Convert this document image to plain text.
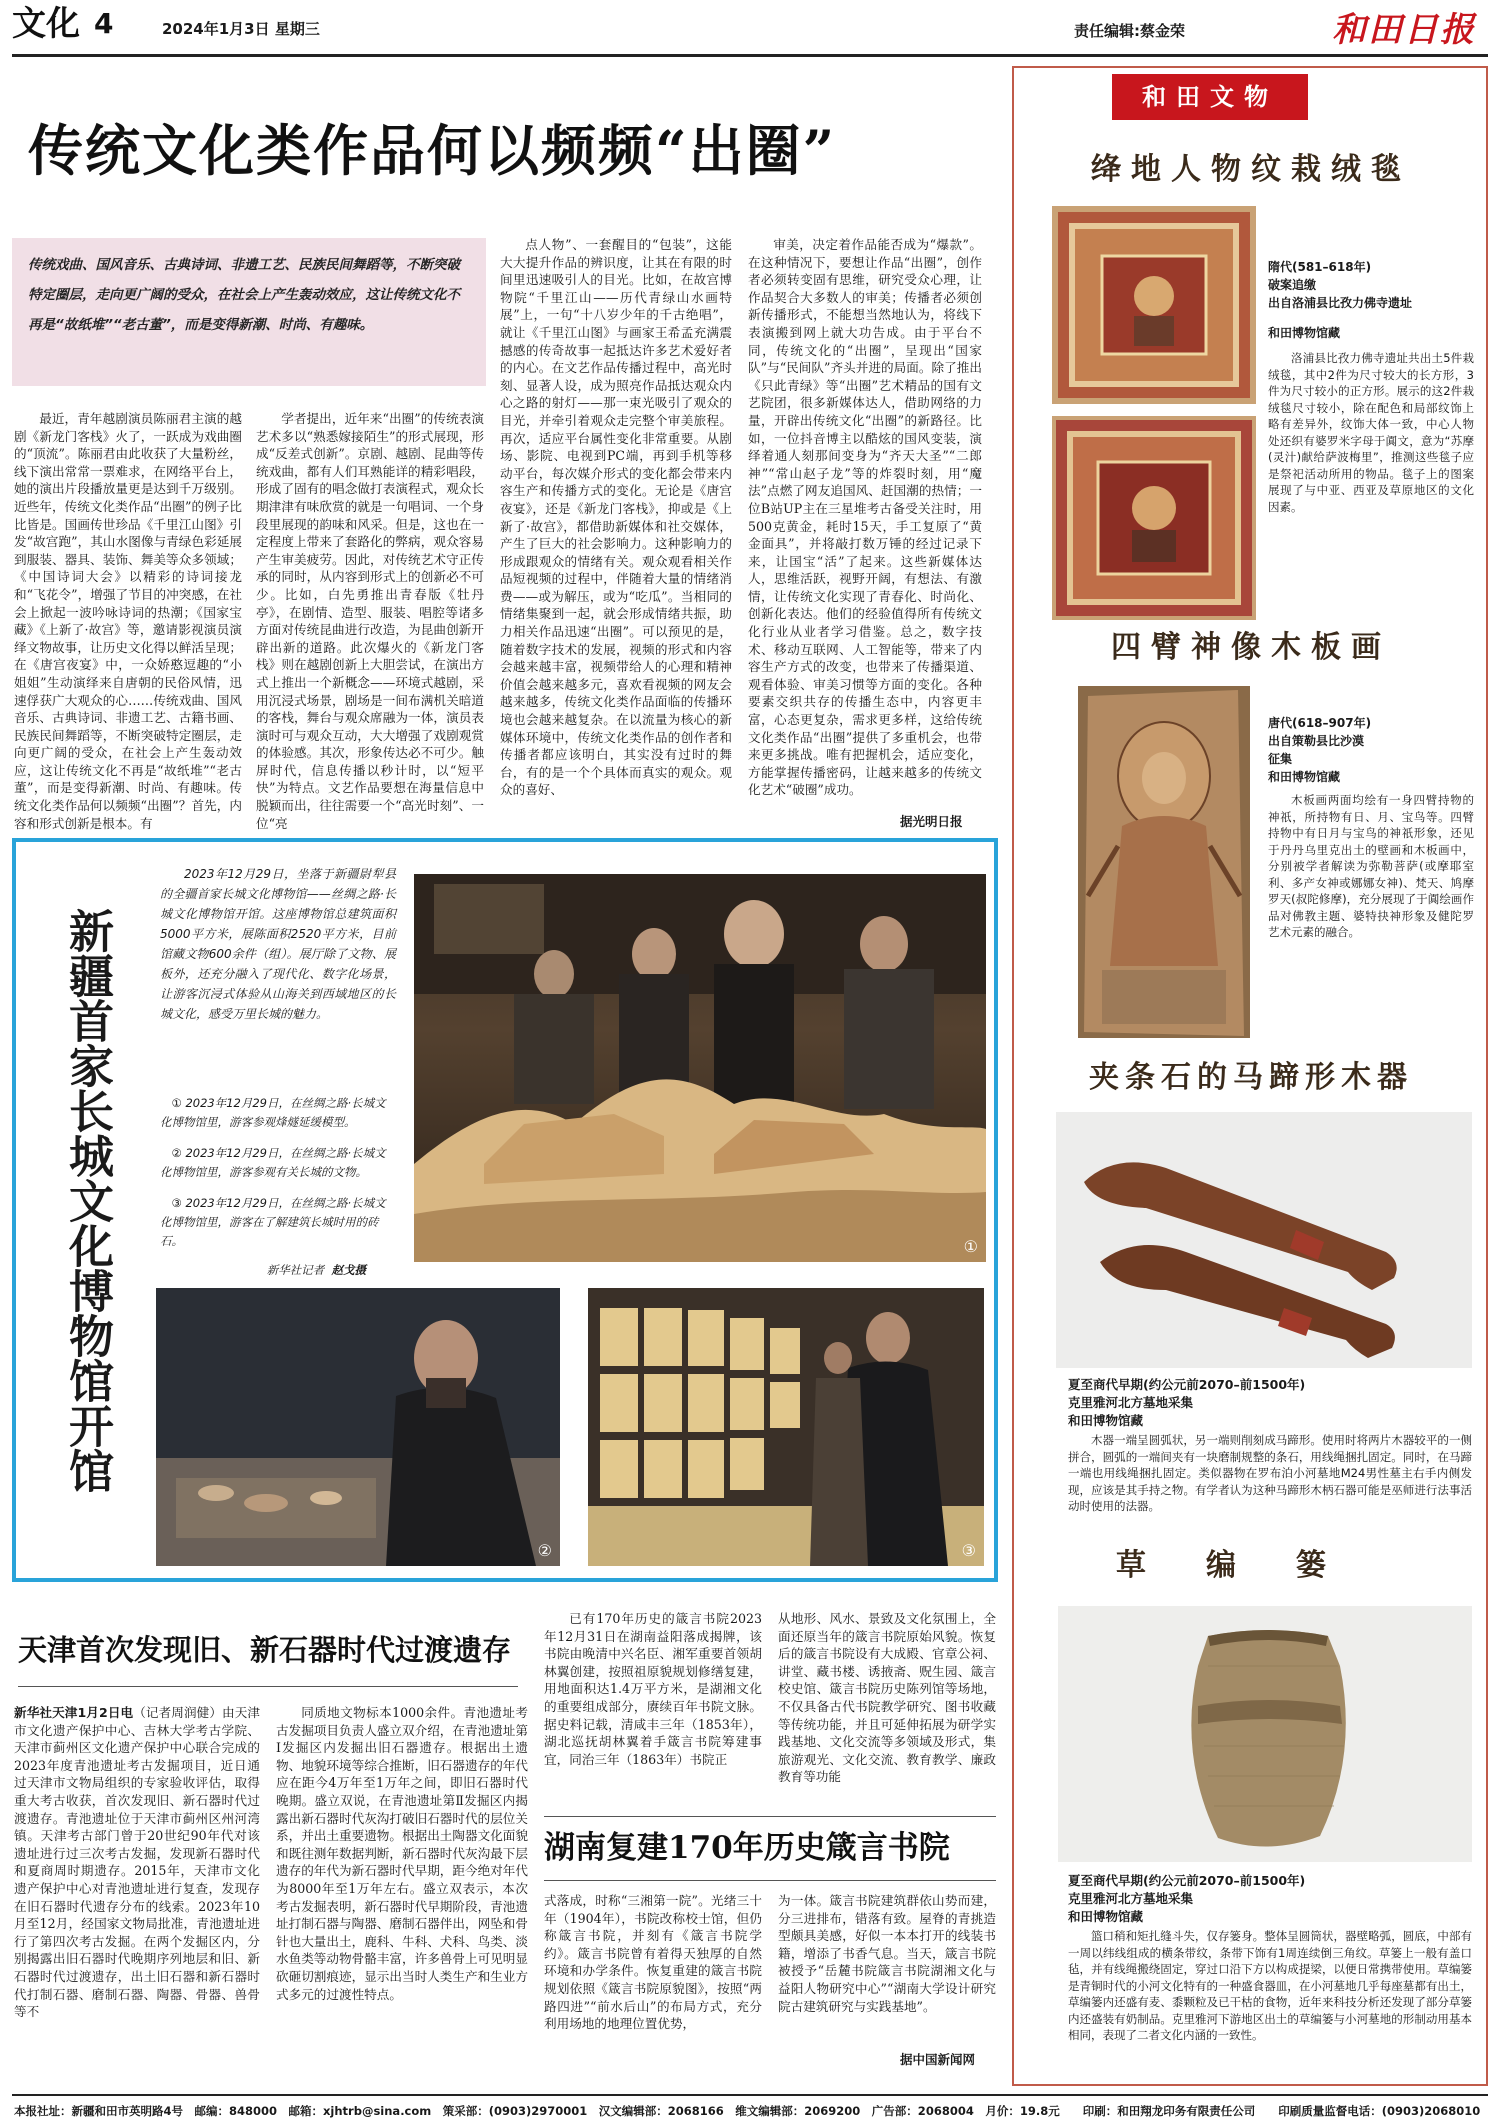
文化 4	2024年1月3日 星期三	责任编辑:蔡金荣	和田日报
传统文化类作品何以频频“出圈”
传统戏曲、国风音乐、古典诗词、非遗工艺、民族民间舞蹈等，不断突破特定圈层，走向更广阔的受众，在社会上产生轰动效应，这让传统文化不再是“故纸堆”“老古董”，而是变得新潮、时尚、有趣味。
最近，青年越剧演员陈丽君主演的越剧《新龙门客栈》火了，一跃成为戏曲圈的“顶流”。陈丽君由此收获了大量粉丝，线下演出常常一票难求，在网络平台上，她的演出片段播放量更是达到千万级别。近些年，传统文化类作品“出圈”的例子比比皆是。国画传世珍品《千里江山图》引发“故宫跑”，其山水图像与青绿色彩延展到服装、器具、装饰、舞美等众多领域；《中国诗词大会》以精彩的诗词接龙和“飞花令”，增强了节目的冲突感，在社会上掀起一波吟咏诗词的热潮；《国家宝藏》《上新了·故宫》等，邀请影视演员演绎文物故事，让历史文化得以鲜活呈现；在《唐宫夜宴》中，一众娇憨逗趣的“小姐姐”生动演绎来自唐朝的民俗风情，迅速俘获广大观众的心……传统戏曲、国风音乐、古典诗词、非遗工艺、古籍书画、民族民间舞蹈等，不断突破特定圈层，走向更广阔的受众，在社会上产生轰动效应，这让传统文化不再是“故纸堆”“老古董”，而是变得新潮、时尚、有趣味。传统文化类作品何以频频“出圈”？首先，内容和形式创新是根本。有
学者提出，近年来“出圈”的传统表演艺术多以“熟悉嫁接陌生”的形式展现，形成“反差式创新”。京剧、越剧、昆曲等传统戏曲，都有人们耳熟能详的精彩唱段，形成了固有的唱念做打表演程式，观众长期津津有味欣赏的就是一句唱词、一个身段里展现的韵味和风采。但是，这也在一定程度上带来了套路化的弊病，观众容易产生审美疲劳。因此，对传统艺术守正传承的同时，从内容到形式上的创新必不可少。比如，白先勇推出青春版《牡丹亭》，在剧情、造型、服装、唱腔等诸多方面对传统昆曲进行改造，为昆曲创新开辟出新的道路。此次爆火的《新龙门客栈》则在越剧创新上大胆尝试，在演出方式上推出一个新概念——环境式越剧，采用沉浸式场景，剧场是一间布满机关暗道的客栈，舞台与观众席融为一体，演员表演时可与观众互动，大大增强了戏剧观赏的体验感。其次，形象传达必不可少。触屏时代，信息传播以秒计时，以“短平快”为特点。文艺作品要想在海量信息中脱颖而出，往往需要一个“高光时刻”、一位“亮
点人物”、一套醒目的“包装”，这能大大提升作品的辨识度，让其在有限的时间里迅速吸引人的目光。比如，在故宫博物院“千里江山——历代青绿山水画特展”上，一句“十八岁少年的千古绝唱”，就让《千里江山图》与画家王希孟充满震撼感的传奇故事一起抵达许多艺术爱好者的内心。在文艺作品传播过程中，高光时刻、显著人设，成为照亮作品抵达观众内心之路的射灯——那一束光吸引了观众的目光，并牵引着观众走完整个审美旅程。再次，适应平台属性变化非常重要。从剧场、影院、电视到PC端，再到手机等移动平台，每次媒介形式的变化都会带来内容生产和传播方式的变化。无论是《唐宫夜宴》，还是《新龙门客栈》，抑或是《上新了·故宫》，都借助新媒体和社交媒体，产生了巨大的社会影响力。这种影响力的形成跟观众的情绪有关。观众观看相关作品短视频的过程中，伴随着大量的情绪消费——或为解压，或为“吃瓜”。当相同的情绪集聚到一起，就会形成情绪共振，助力相关作品迅速“出圈”。可以预见的是，随着数字技术的发展，视频的形式和内容会越来越丰富，视频带给人的心理和精神价值会越来越多元，喜欢看视频的网友会越来越多，传统文化类作品面临的传播环境也会越来越复杂。在以流量为核心的新媒体环境中，传统文化类作品的创作者和传播者都应该明白，其实没有过时的舞台，有的是一个个具体而真实的观众。观众的喜好、
审美，决定着作品能否成为“爆款”。在这种情况下，要想让作品“出圈”，创作者必须转变固有思维，研究受众心理，让作品契合大多数人的审美；传播者必须创新传播形式，不能想当然地认为，将线下表演搬到网上就大功告成。由于平台不同，传统文化的“出圈”，呈现出“国家队”与“民间队”齐头并进的局面。除了推出《只此青绿》等“出圈”艺术精品的国有文艺院团，很多新媒体达人，借助网络的力量，开辟出传统文化“出圈”的新路径。比如，一位抖音博主以酷炫的国风变装，演绎着通人刻那间变身为“齐天大圣”“二郎神”“常山赵子龙”等的炸裂时刻，用“魔法”点燃了网友追国风、赶国潮的热情；一位B站UP主在三星堆考古备受关注时，用500克黄金，耗时15天，手工复原了“黄金面具”，并将敲打数万锤的经过记录下来，让国宝“活”了起来。这些新媒体达人，思维活跃，视野开阔，有想法、有激情，让传统文化实现了青春化、时尚化、创新化表达。他们的经验值得所有传统文化行业从业者学习借鉴。总之，数字技术、移动互联网、人工智能等，带来了内容生产方式的改变，也带来了传播渠道、观看体验、审美习惯等方面的变化。各种要素交织共存的传播生态中，内容更丰富，心态更复杂，需求更多样，这给传统文化类作品“出圈”提供了多重机会，也带来更多挑战。唯有把握机会，适应变化，方能掌握传播密码，让越来越多的传统文化艺术“破圈”成功。
据光明日报
新疆首家长城文化博物馆开馆
2023年12月29日，坐落于新疆尉犁县的全疆首家长城文化博物馆——丝绸之路·长城文化博物馆开馆。这座博物馆总建筑面积5000平方米，展陈面积2520平方米，目前馆藏文物600余件（组）。展厅除了文物、展板外，还充分融入了现代化、数字化场景，让游客沉浸式体验从山海关到西域地区的长城文化，感受万里长城的魅力。
① 2023年12月29日，在丝绸之路·长城文化博物馆里，游客参观烽燧延缓模型。
② 2023年12月29日，在丝绸之路·长城文化博物馆里，游客参观有关长城的文物。
③ 2023年12月29日，在丝绸之路·长城文化博物馆里，游客在了解建筑长城时用的砖石。
新华社记者 赵戈摄
①
②	③
天津首次发现旧、新石器时代过渡遗存
新华社天津1月2日电（记者周润健）由天津市文化遗产保护中心、吉林大学考古学院、天津市蓟州区文化遗产保护中心联合完成的2023年度青池遗址考古发掘项目，近日通过天津市文物局组织的专家验收评估，取得重大考古收获，首次发现旧、新石器时代过渡遗存。青池遗址位于天津市蓟州区州河湾镇。天津考古部门曾于20世纪90年代对该遗址进行过三次考古发掘，发现新石器时代和夏商周时期遗存。2015年，天津市文化遗产保护中心对青池遗址进行复查，发现存在旧石器时代遗存分布的线索。2023年10月至12月，经国家文物局批准，青池遗址进行了第四次考古发掘。在两个发掘区内，分别揭露出旧石器时代晚期序列地层和旧、新石器时代过渡遗存，出土旧石器和新石器时代打制石器、磨制石器、陶器、骨器、兽骨等不
同质地文物标本1000余件。青池遗址考古发掘项目负责人盛立双介绍，在青池遗址第Ⅰ发掘区内发掘出旧石器遗存。根据出土遗物、地貌环境等综合推断，旧石器遗存的年代应在距今4万年至1万年之间，即旧石器时代晚期。盛立双说，在青池遗址第Ⅱ发掘区内揭露出新石器时代灰沟打破旧石器时代的层位关系，并出土重要遗物。根据出土陶器文化面貌和既往测年数据判断，新石器时代灰沟最下层遗存的年代为新石器时代早期，距今绝对年代为8000年至1万年左右。盛立双表示，本次考古发掘表明，新石器时代早期阶段，青池遗址打制石器与陶器、磨制石器伴出，网坠和骨针也大量出土，鹿科、牛科、犬科、鸟类、淡水鱼类等动物骨骼丰富，许多兽骨上可见明显砍砸切割痕迹，显示出当时人类生产和生业方式多元的过渡性特点。
已有170年历史的箴言书院2023年12月31日在湖南益阳落成揭牌，该书院由晚清中兴名臣、湘军重要首领胡林翼创建，按照祖原貌规划修缮复建，用地面积达1.4万平方米，是湖湘文化的重要组成部分，赓续百年书院文脉。据史料记载，清咸丰三年（1853年），湖北巡抚胡林翼着手箴言书院筹建事宜，同治三年（1863年）书院正
从地形、风水、景致及文化氛围上，全面还原当年的箴言书院原始风貌。恢复后的箴言书院设有大成殿、官章公祠、讲堂、藏书楼、诱掖斋、贶生园、箴言校史馆、箴言书院历史陈列馆等场地，不仅具备古代书院教学研究、图书收藏等传统功能，并且可延伸拓展为研学实践基地、文化交流等多领域及形式，集旅游观光、文化交流、教育教学、廉政教育等功能
湖南复建170年历史箴言书院
式落成，时称“三湘第一院”。光绪三十年（1904年），书院改称校士馆，但仍称箴言书院，并刻有《箴言书院学约》。箴言书院曾有着得天独厚的自然环境和办学条件。恢复重建的箴言书院规划依照《箴言书院原貌图》，按照“两路四进”“前水后山”的布局方式，充分利用场地的地理位置优势，
为一体。箴言书院建筑群依山势而建，分三进排布，错落有致。屋脊的青挑造型颇具美感，好似一本本打开的线装书籍，增添了书香气息。当天，箴言书院被授予“岳麓书院箴言书院湖湘文化与益阳人物研究中心”“湖南大学设计研究院古建筑研究与实践基地”。
据中国新闻网
和田文物
绛地人物纹栽绒毯
隋代(581–618年)
破案追缴
出自洛浦县比孜力佛寺遗址
和田博物馆藏
洛浦县比孜力佛寺遗址共出土5件栽绒毯，其中2件为尺寸较大的长方形，3件为尺寸较小的正方形。展示的这2件栽绒毯尺寸较小，除在配色和局部纹饰上略有差异外，纹饰大体一致，中心人物处还织有婆罗米字母于阗文，意为“苏摩(灵汁)献给萨波梅里”，推测这些毯子应是祭祀活动所用的物品。毯子上的图案展现了与中亚、西亚及草原地区的文化因素。
四臂神像木板画
唐代(618–907年)
出自策勒县比沙漠
征集
和田博物馆藏
木板画两面均绘有一身四臂持物的神祇，所持物有日、月、宝鸟等。四臂持物中有日月与宝鸟的神祇形象，还见于丹丹乌里克出土的壁画和木板画中，分别被学者解读为弥勒菩萨(或摩耶室利、多产女神或娜娜女神)、梵天、鸠摩罗天(叔陀修摩)，充分展现了于阗绘画作品对佛教主题、婆特抉神形象及健陀罗艺术元素的融合。
夹条石的马蹄形木器
夏至商代早期(约公元前2070–前1500年)
克里雅河北方墓地采集
和田博物馆藏
木器一端呈圆弧状，另一端则削刻成马蹄形。使用时将两片木器较平的一侧拼合，圆弧的一端间夹有一块磨制规整的条石，用线绳捆扎固定。同时，在马蹄一端也用线绳捆扎固定。类似器物在罗布泊小河墓地M24男性墓主右手内侧发现，应该是其手持之物。有学者认为这种马蹄形木柄石器可能是巫师进行法事活动时使用的法器。
草编篓
夏至商代早期(约公元前2070–前1500年)
克里雅河北方墓地采集
和田博物馆藏
篮口稍和矩扎缝斗失，仅存篓身。整体呈圆筒状，器壁略弧，圆底，中部有一周以纬线组成的横条带纹，条带下饰有1周连续倒三角纹。草篓上一般有盖口毡，并有线绳搬绕固定，穿过口沿下方以构成提梁，以便日常携带使用。草编篓是青铜时代的小河文化特有的一种盛食器皿，在小河墓地几乎每座墓都有出土，草编篓内还盛有麦、黍颗粒及已干枯的食物，近年来科技分析还发现了部分草篓内还盛装有奶制品。克里雅河下游地区出土的草编篓与小河墓地的形制动用基本相同，表现了二者文化内涵的一致性。
本报社址：新疆和田市英明路4号　邮编：848000　邮箱：xjhtrb@sina.com　策采部：(0903)2970001　汉文编辑部：2068166　维文编辑部：2069200　广告部：2068004　月价：19.8元　　印刷：和田翔龙印务有限责任公司　　印刷质量监督电话：(0903)2068010
